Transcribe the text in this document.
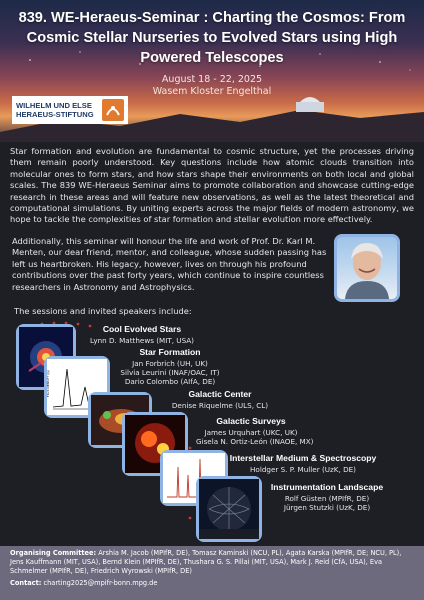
839. WE-Heraeus-Seminar : Charting the Cosmos: From Cosmic Stellar Nurseries to Evolved Stars using High Powered Telescopes
August 18 - 22, 2025
Wasem Kloster Engelthal
WILHELM UND ELSE
HERAEUS-STIFTUNG
Star formation and evolution are fundamental to cosmic structure, yet the processes driving them remain poorly understood. Key questions include how atomic clouds transition into molecular ones to form stars, and how stars shape their environments on both local and global scales. The 839 WE-Heraeus Seminar aims to promote collaboration and showcase cutting-edge research in these areas and will feature new observations, as well as the latest theoretical and computational simulations. By uniting experts across the major fields of modern astronomy, we hope to tackle the complexities of star formation and stellar evolution more effectively.
Additionally, this seminar will honour the life and work of Prof. Dr. Karl M. Menten, our dear friend, mentor, and colleague, whose sudden passing has left us heartbroken. His legacy, however, lives on through his profound contributions over the past forty years, which continue to inspire countless researchers in Astronomy and Astrophysics.
The sessions and invited speakers include:
FLUX DENSITY (Jy)
Cool Evolved Stars
Lynn D. Matthews (MIT, USA)
Star Formation
Jan Forbrich (UH, UK)
Silvia Leurini (INAF/OAC, IT)
Dario Colombo (AIfA, DE)
Galactic Center
Denise Riquelme (ULS, CL)
Galactic Surveys
James Urquhart (UKC, UK)
Gisela N. Ortiz-León (INAOE, MX)
Interstellar Medium & Spectroscopy
Holdger S. P. Muller (UzK, DE)
Instrumentation Landscape
Rolf Güsten (MPIfR, DE)
Jürgen Stutzki (UzK, DE)
Organising Committee: Arshia M. Jacob (MPIfR, DE), Tomasz Kaminski (NCU, PL), Agata Karska (MPIfR, DE; NCU, PL), Jens Kauffmann (MIT, USA), Bernd Klein (MPIfR, DE), Thushara G. S. Pillai (MIT, USA), Mark J. Reid (CfA, USA), Eva Schmelmer (MPIfR, DE), Friedrich Wyrowski (MPIfR, DE)
Contact: charting2025@mpifr-bonn.mpg.de
